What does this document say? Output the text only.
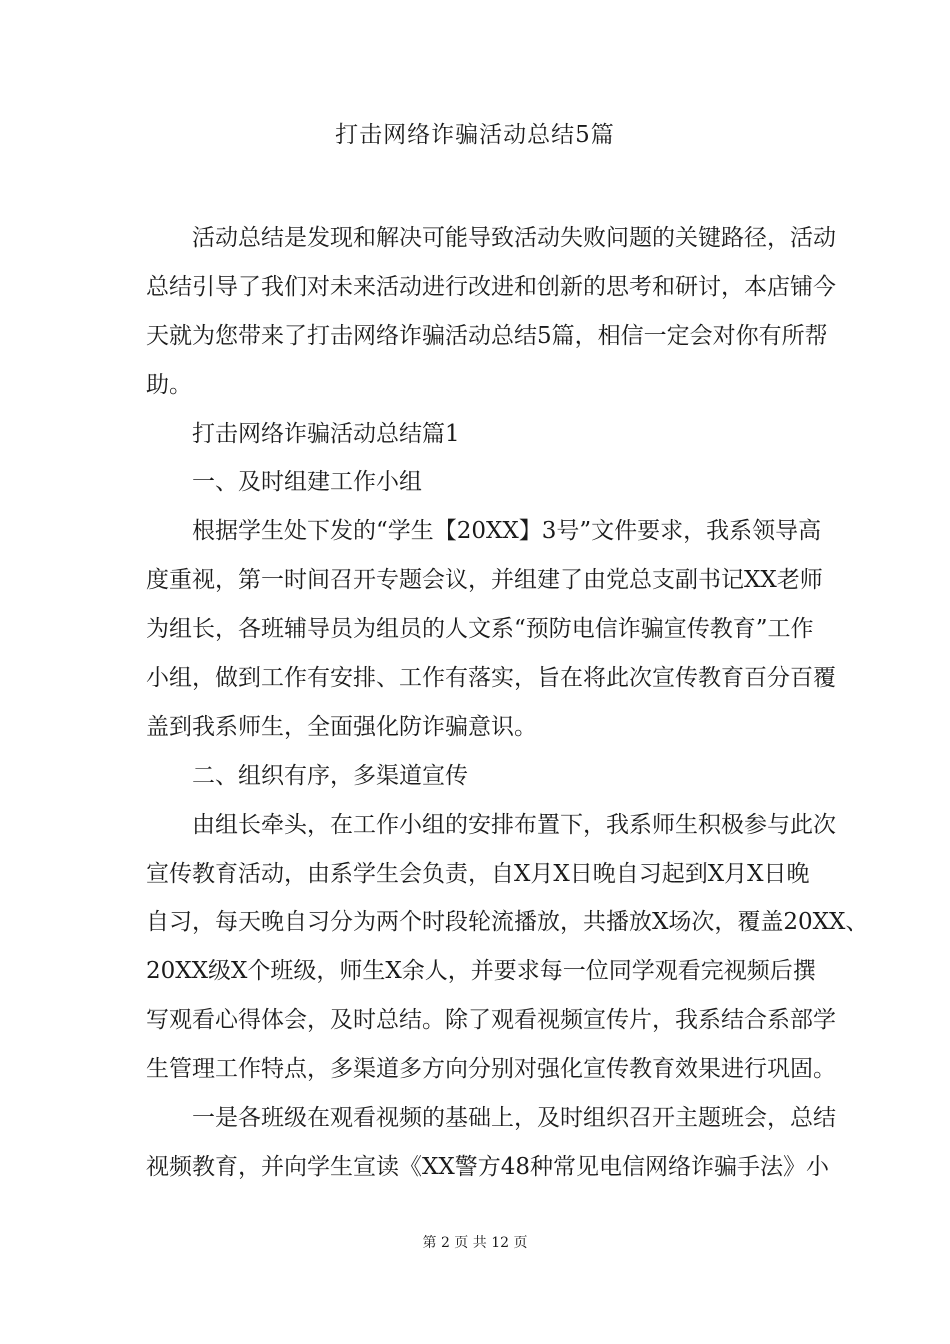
打击网络诈骗活动总结5篇
活动总结是发现和解决可能导致活动失败问题的关键路径，活动
总结引导了我们对未来活动进行改进和创新的思考和研讨，本店铺今
天就为您带来了打击网络诈骗活动总结5篇，相信一定会对你有所帮
助。
打击网络诈骗活动总结篇1
一、及时组建工作小组
根据学生处下发的“学生【20XX】3号”文件要求，我系领导高
度重视，第一时间召开专题会议，并组建了由党总支副书记XX老师
为组长，各班辅导员为组员的人文系“预防电信诈骗宣传教育”工作
小组，做到工作有安排、工作有落实，旨在将此次宣传教育百分百覆
盖到我系师生，全面强化防诈骗意识。
二、组织有序，多渠道宣传
由组长牵头，在工作小组的安排布置下，我系师生积极参与此次
宣传教育活动，由系学生会负责，自X月X日晚自习起到X月X日晚
自习，每天晚自习分为两个时段轮流播放，共播放X场次，覆盖20XX、
20XX级X个班级，师生X余人，并要求每一位同学观看完视频后撰
写观看心得体会，及时总结。除了观看视频宣传片，我系结合系部学
生管理工作特点，多渠道多方向分别对强化宣传教育效果进行巩固。
一是各班级在观看视频的基础上，及时组织召开主题班会，总结
视频教育，并向学生宣读《XX警方48种常见电信网络诈骗手法》小
第 2 页 共 12 页
